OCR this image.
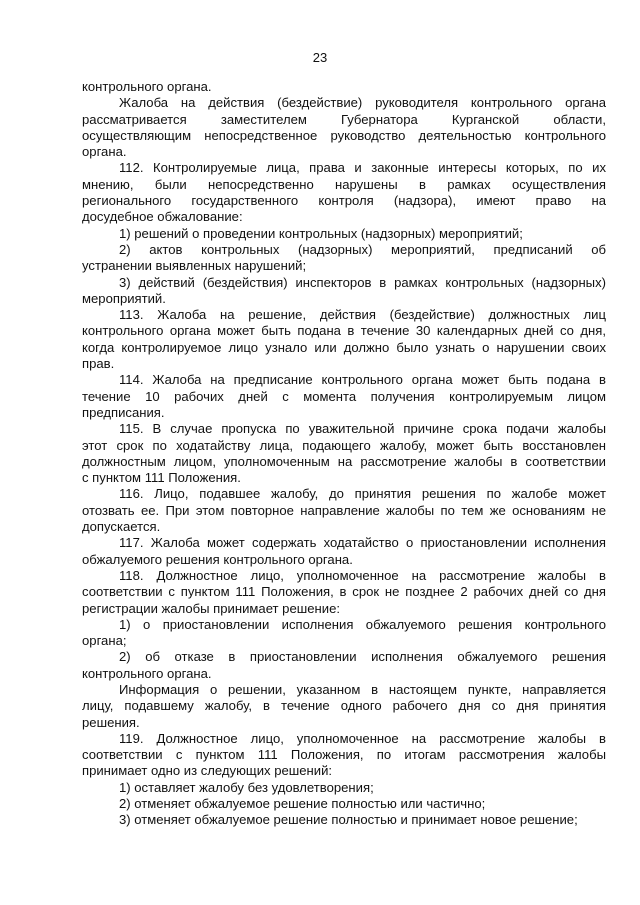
23
контрольного органа.
Жалоба на действия (бездействие) руководителя контрольного органа
рассматривается заместителем Губернатора Курганской области,
осуществляющим непосредственное руководство деятельностью контрольного
органа.
112. Контролируемые лица, права и законные интересы которых, по их
мнению, были непосредственно нарушены в рамках осуществления
регионального государственного контроля (надзора), имеют право на
досудебное обжалование:
1) решений о проведении контрольных (надзорных) мероприятий;
2) актов контрольных (надзорных) мероприятий, предписаний об
устранении выявленных нарушений;
3) действий (бездействия) инспекторов в рамках контрольных (надзорных)
мероприятий.
113. Жалоба на решение, действия (бездействие) должностных лиц
контрольного органа может быть подана в течение 30 календарных дней со дня,
когда контролируемое лицо узнало или должно было узнать о нарушении своих
прав.
114. Жалоба на предписание контрольного органа может быть подана в
течение 10 рабочих дней с момента получения контролируемым лицом
предписания.
115. В случае пропуска по уважительной причине срока подачи жалобы
этот срок по ходатайству лица, подающего жалобу, может быть восстановлен
должностным лицом, уполномоченным на рассмотрение жалобы в соответствии
с пунктом 111 Положения.
116. Лицо, подавшее жалобу, до принятия решения по жалобе может
отозвать ее. При этом повторное направление жалобы по тем же основаниям не
допускается.
117. Жалоба может содержать ходатайство о приостановлении исполнения
обжалуемого решения контрольного органа.
118. Должностное лицо, уполномоченное на рассмотрение жалобы в
соответствии с пунктом 111 Положения, в срок не позднее 2 рабочих дней со дня
регистрации жалобы принимает решение:
1) о приостановлении исполнения обжалуемого решения контрольного
органа;
2) об отказе в приостановлении исполнения обжалуемого решения
контрольного органа.
Информация о решении, указанном в настоящем пункте, направляется
лицу, подавшему жалобу, в течение одного рабочего дня со дня принятия
решения.
119. Должностное лицо, уполномоченное на рассмотрение жалобы в
соответствии с пунктом 111 Положения, по итогам рассмотрения жалобы
принимает одно из следующих решений:
1) оставляет жалобу без удовлетворения;
2) отменяет обжалуемое решение полностью или частично;
3) отменяет обжалуемое решение полностью и принимает новое решение;
